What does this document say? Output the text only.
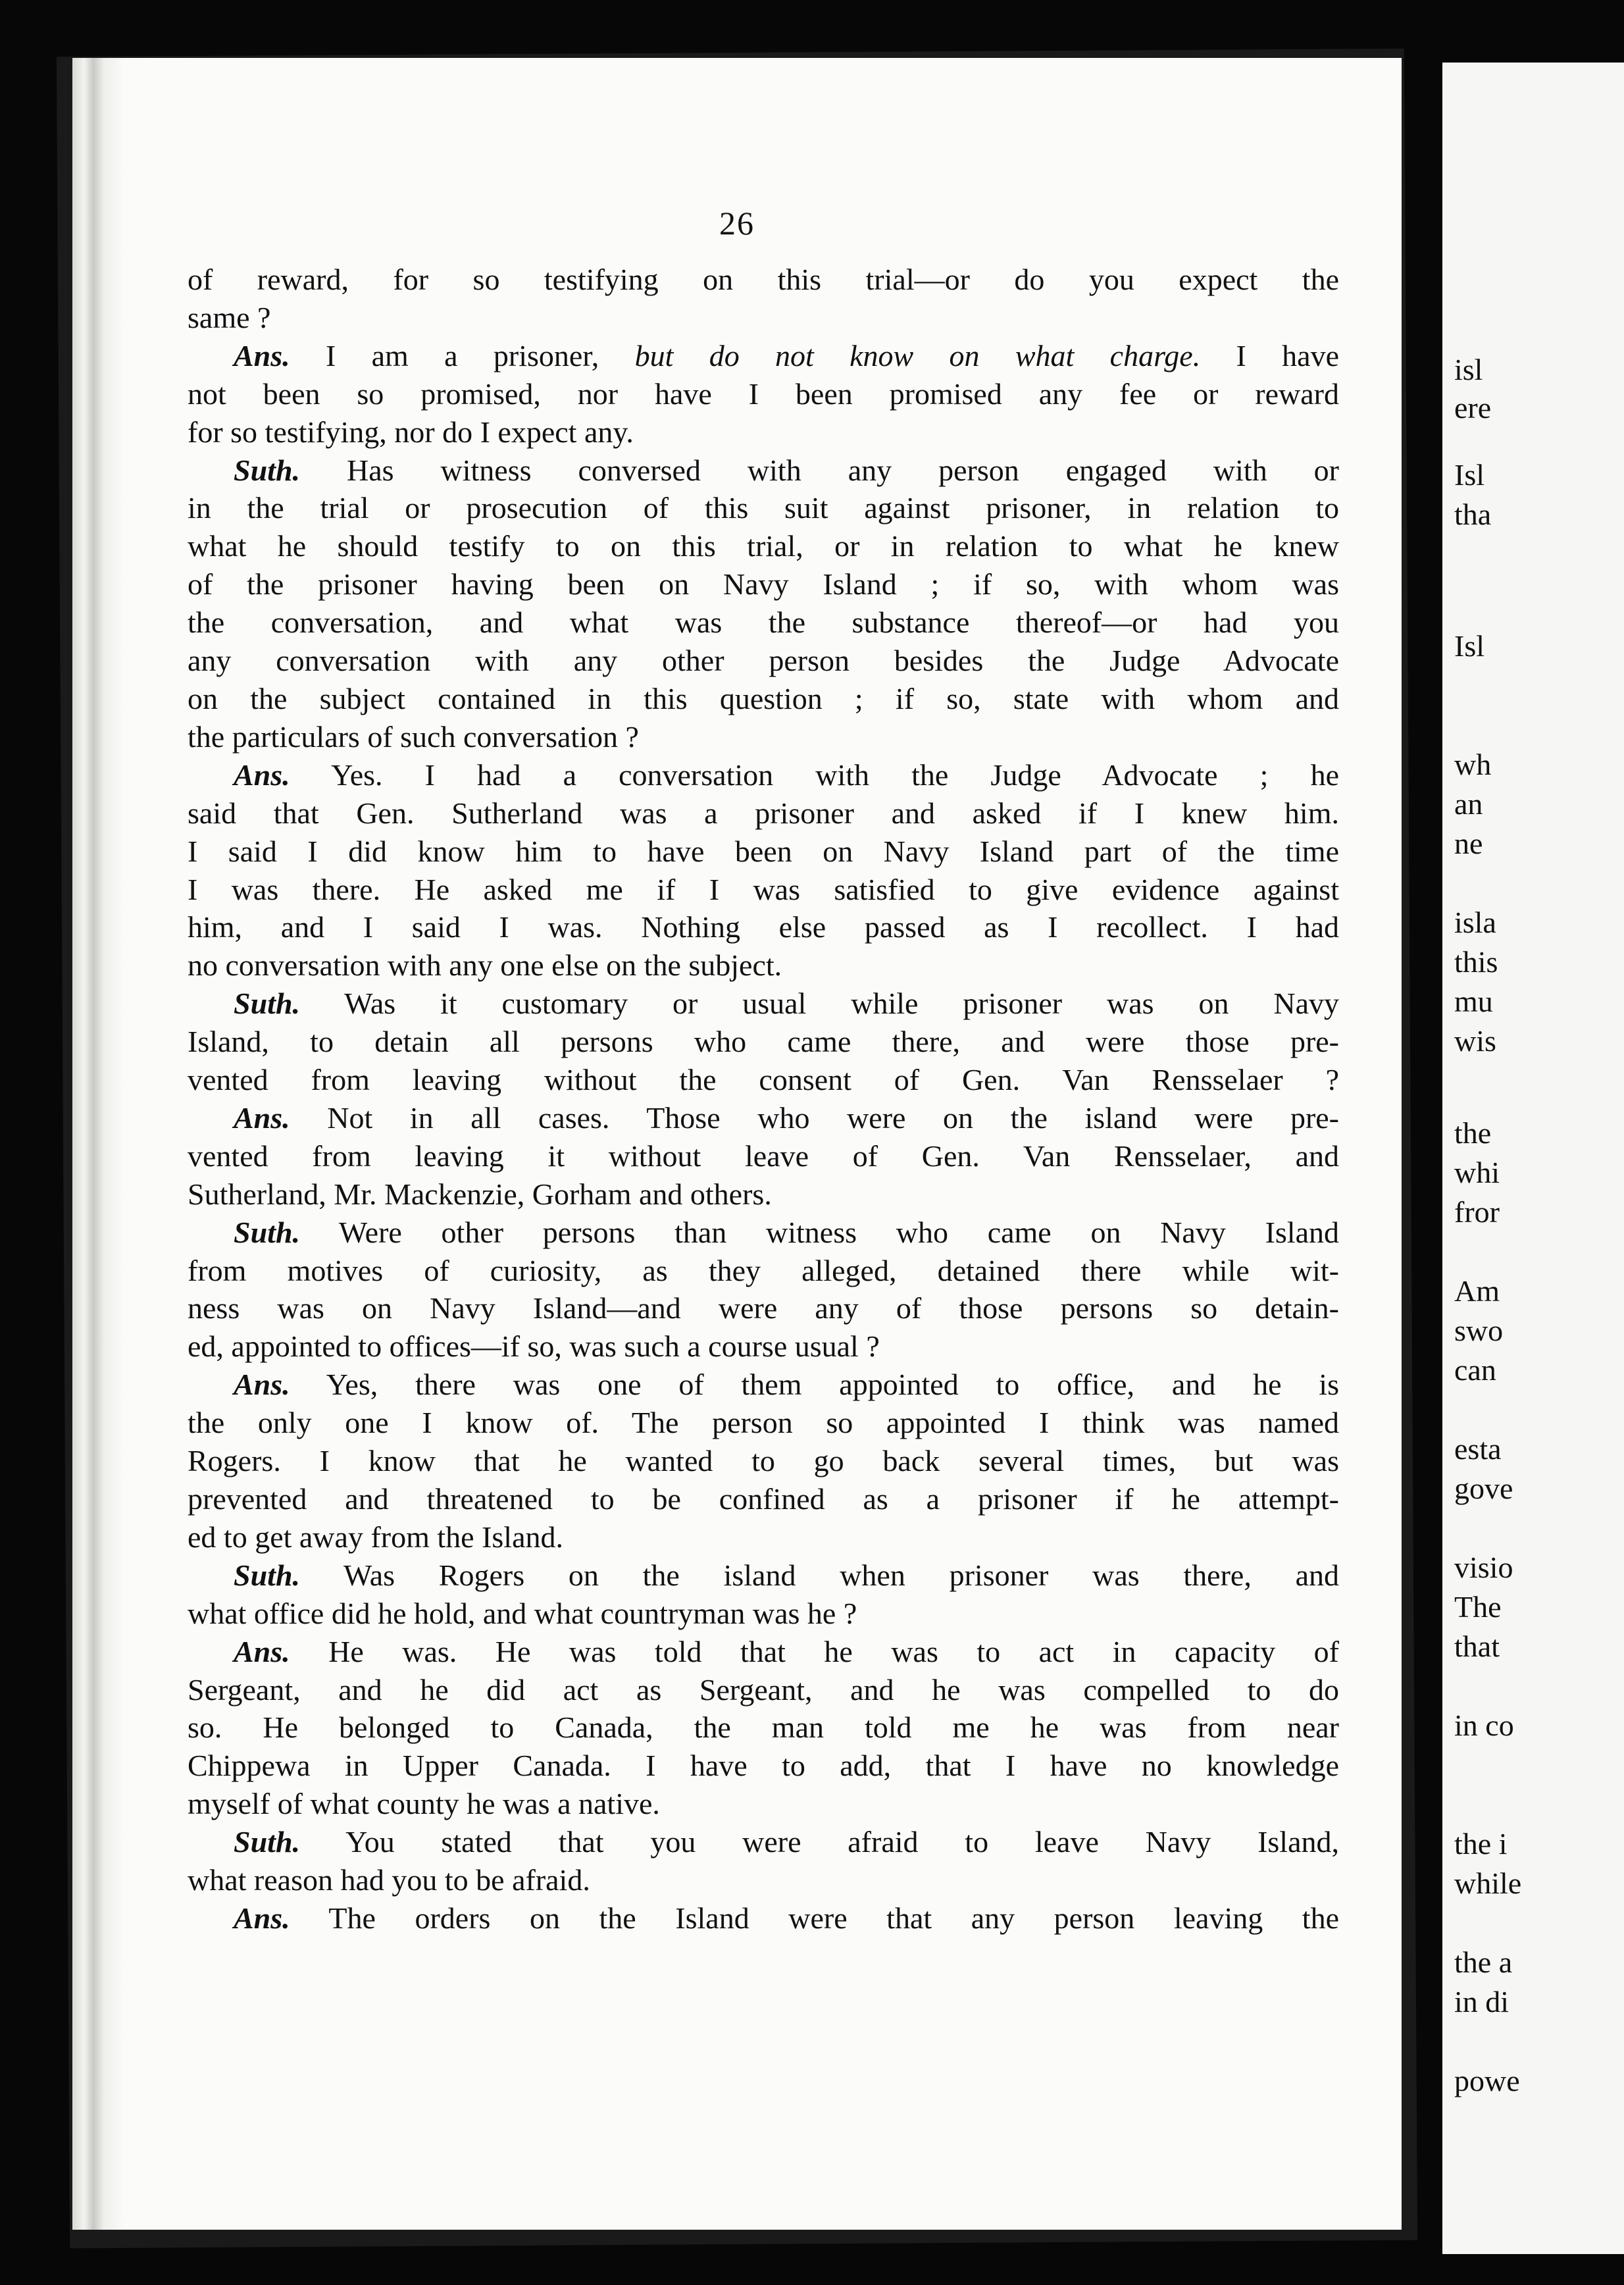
26
of reward, for so testifying on this trial—or do you expect the
same ?
Ans. I am a prisoner, but do not know on what charge. I have
not been so promised, nor have I been promised any fee or reward
for so testifying, nor do I expect any.
Suth. Has witness conversed with any person engaged with or
in the trial or prosecution of this suit against prisoner, in relation to
what he should testify to on this trial, or in relation to what he knew
of the prisoner having been on Navy Island ; if so, with whom was
the conversation, and what was the substance thereof—or had you
any conversation with any other person besides the Judge Advocate
on the subject contained in this question ; if so, state with whom and
the particulars of such conversation ?
Ans. Yes. I had a conversation with the Judge Advocate ; he
said that Gen. Sutherland was a prisoner and asked if I knew him.
I said I did know him to have been on Navy Island part of the time
I was there. He asked me if I was satisfied to give evidence against
him, and I said I was. Nothing else passed as I recollect. I had
no conversation with any one else on the subject.
Suth. Was it customary or usual while prisoner was on Navy
Island, to detain all persons who came there, and were those pre-
vented from leaving without the consent of Gen. Van Rensselaer ?
Ans. Not in all cases. Those who were on the island were pre-
vented from leaving it without leave of Gen. Van Rensselaer, and
Sutherland, Mr. Mackenzie, Gorham and others.
Suth. Were other persons than witness who came on Navy Island
from motives of curiosity, as they alleged, detained there while wit-
ness was on Navy Island—and were any of those persons so detain-
ed, appointed to offices—if so, was such a course usual ?
Ans. Yes, there was one of them appointed to office, and he is
the only one I know of. The person so appointed I think was named
Rogers. I know that he wanted to go back several times, but was
prevented and threatened to be confined as a prisoner if he attempt-
ed to get away from the Island.
Suth. Was Rogers on the island when prisoner was there, and
what office did he hold, and what countryman was he ?
Ans. He was. He was told that he was to act in capacity of
Sergeant, and he did act as Sergeant, and he was compelled to do
so. He belonged to Canada, the man told me he was from near
Chippewa in Upper Canada. I have to add, that I have no knowledge
myself of what county he was a native.
Suth. You stated that you were afraid to leave Navy Island,
what reason had you to be afraid.
Ans. The orders on the Island were that any person leaving the
isl
ere
Isl
tha
Isl
wh
an
ne
isla
this
mu
wis
the
whi
fror
Am
swo
can
esta
gove
visio
The
that
in co
the i
while
the a
in di
powe
